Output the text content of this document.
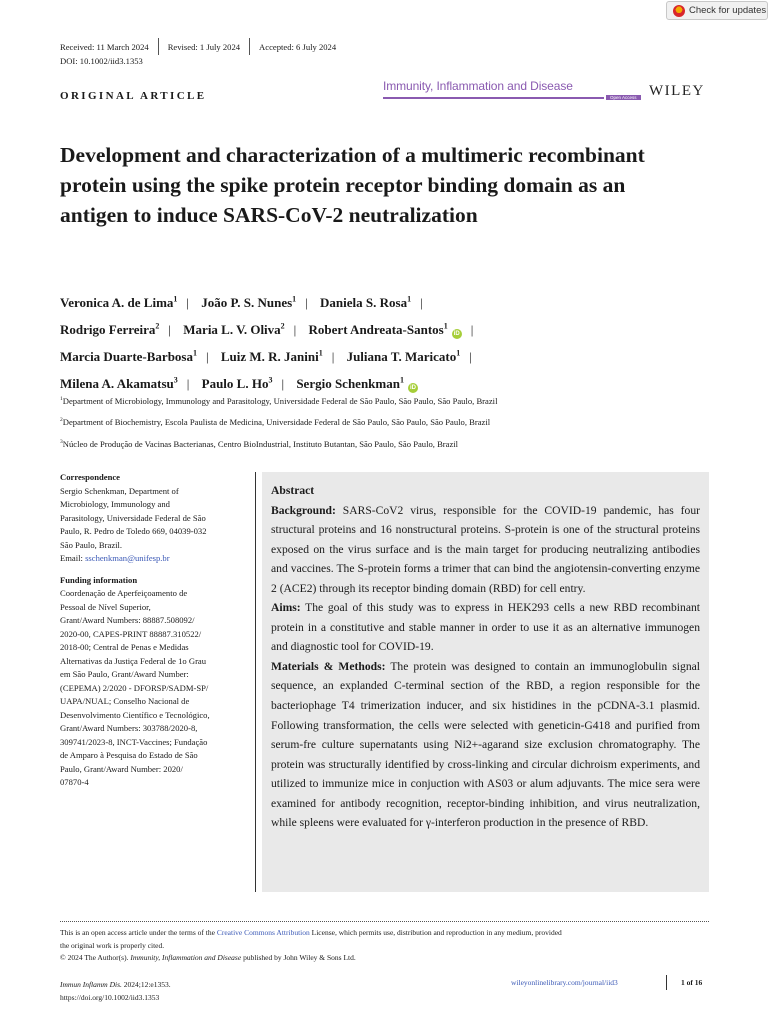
Check for updates
Received: 11 March 2024 Revised: 1 July 2024 Accepted: 6 July 2024
DOI: 10.1002/iid3.1353
Immunity, Inflammation and Disease
Open Access WILEY
ORIGINAL ARTICLE
Development and characterization of a multimeric recombinant protein using the spike protein receptor binding domain as an antigen to induce SARS-CoV-2 neutralization
Veronica A. de Lima$^1$ | João P. S. Nunes$^1$ | Daniela S. Rosa$^1$ |
Rodrigo Ferreira$^2$ | Maria L. V. Oliva$^2$ | Robert Andreata-Santos$^1$iD |
Marcia Duarte-Barbosa$^1$ | Luiz M. R. Janini$^1$ | Juliana T. Maricato$^1$ |
Milena A. Akamatsu$^3$ | Paulo L. Ho$^3$ | Sergio Schenkman$^1$iD
$^1$Department of Microbiology, Immunology and Parasitology, Universidade Federal de São Paulo, São Paulo, São Paulo, Brazil
$^2$Department of Biochemistry, Escola Paulista de Medicina, Universidade Federal de São Paulo, São Paulo, São Paulo, Brazil
$^3$Núcleo de Produção de Vacinas Bacterianas, Centro BioIndustrial, Instituto Butantan, São Paulo, São Paulo, Brazil
Correspondence
Sergio Schenkman, Department of
Microbiology, Immunology and
Parasitology, Universidade Federal de São
Paulo, R. Pedro de Toledo 669, 04039-032
São Paulo, Brazil.
Email: sschenkman@unifesp.br
Funding information
Coordenação de Aperfeiçoamento de
Pessoal de Nível Superior,
Grant/Award Numbers: 88887.508092/
2020-00, CAPES-PRINT 88887.310522/
2018-00; Central de Penas e Medidas
Alternativas da Justiça Federal de 1o Grau
em São Paulo, Grant/Award Number:
(CEPEMA) 2/2020 - DFORSP/SADM-SP/
UAPA/NUAL; Conselho Nacional de
Desenvolvimento Científico e Tecnológico,
Grant/Award Numbers: 303788/2020-8,
309741/2023-8, INCT-Vaccines; Fundação
de Amparo à Pesquisa do Estado de São
Paulo, Grant/Award Number: 2020/
07870-4
Abstract

Background: SARS-CoV2 virus, responsible for the COVID-19 pandemic, has four structural proteins and 16 nonstructural proteins. S-protein is one of the structural proteins exposed on the virus surface and is the main target for producing neutralizing antibodies and vaccines. The S-protein forms a trimer that can bind the angiotensin-converting enzyme 2 (ACE2) through its receptor binding domain (RBD) for cell entry.

Aims: The goal of this study was to express in HEK293 cells a new RBD recombinant protein in a constitutive and stable manner in order to use it as an alternative immunogen and diagnostic tool for COVID-19.

Materials & Methods: The protein was designed to contain an immunoglobulin signal sequence, an explanded C-terminal section of the RBD, a region responsible for the bacteriophage T4 trimerization inducer, and six histidines in the pCDNA-3.1 plasmid. Following transformation, the cells were selected with geneticin-G418 and purified from serum-fre culture supernatants using Ni2+-agarand size exclusion chromatography. The protein was structurally identified by cross-linking and circular dichroism experiments, and utilized to immunize mice in conjuction with AS03 or alum adjuvants. The mice sera were examined for antibody recognition, receptor-binding inhibition, and virus neutralization, while spleens were evaluated for γ-interferon production in the presence of RBD.

This is an open access article under the terms of the Creative Commons Attribution License, which permits use, distribution and reproduction in any medium, provided
the original work is properly cited.
© 2024 The Author(s). Immunity, Inflammation and Disease published by John Wiley & Sons Ltd.
Immun Inflamm Dis. 2024;12:e1353.
https://doi.org/10.1002/iid3.1353
wileyonlinelibrary.com/journal/iid3	1 of 16
